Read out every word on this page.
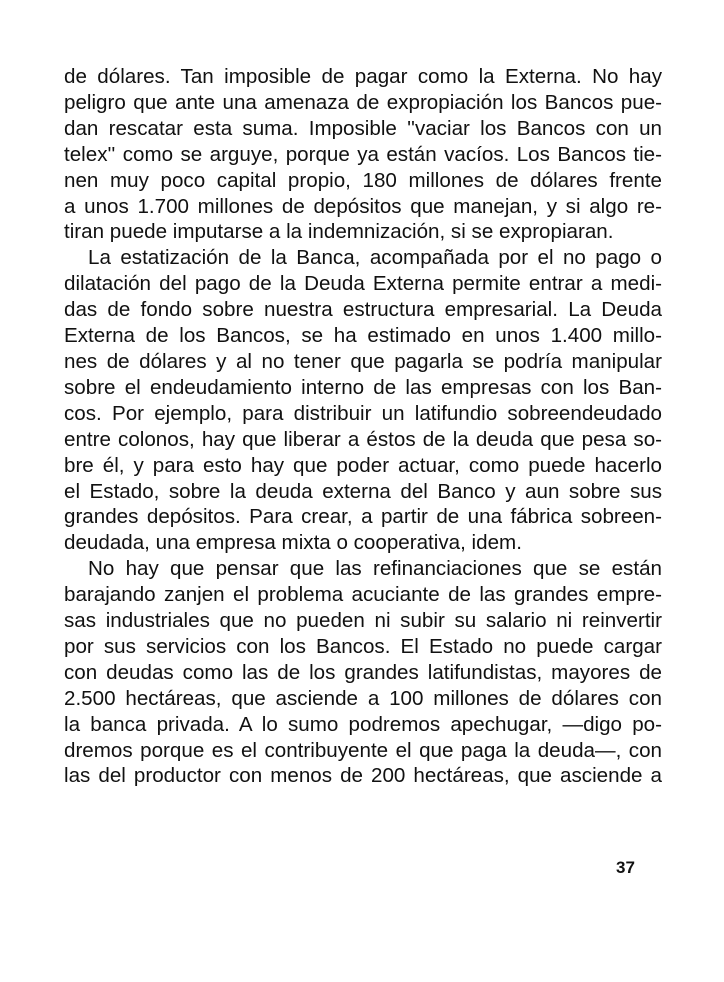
de dólares. Tan imposible de pagar como la Externa. No hay
peligro que ante una amenaza de expropiación los Bancos pue-
dan rescatar esta suma. Imposible ''vaciar los Bancos con un
telex'' como se arguye, porque ya están vacíos. Los Bancos tie-
nen muy poco capital propio, 180 millones de dólares frente
a unos 1.700 millones de depósitos que manejan, y si algo re-
tiran puede imputarse a la indemnización, si se expropiaran.
La estatización de la Banca, acompañada por el no pago o
dilatación del pago de la Deuda Externa permite entrar a medi-
das de fondo sobre nuestra estructura empresarial. La Deuda
Externa de los Bancos, se ha estimado en unos 1.400 millo-
nes de dólares y al no tener que pagarla se podría manipular
sobre el endeudamiento interno de las empresas con los Ban-
cos. Por ejemplo, para distribuir un latifundio sobreendeudado
entre colonos, hay que liberar a éstos de la deuda que pesa so-
bre él, y para esto hay que poder actuar, como puede hacerlo
el Estado, sobre la deuda externa del Banco y aun sobre sus
grandes depósitos. Para crear, a partir de una fábrica sobreen-
deudada, una empresa mixta o cooperativa, idem.
No hay que pensar que las refinanciaciones que se están
barajando zanjen el problema acuciante de las grandes empre-
sas industriales que no pueden ni subir su salario ni reinvertir
por sus servicios con los Bancos. El Estado no puede cargar
con deudas como las de los grandes latifundistas, mayores de
2.500 hectáreas, que asciende a 100 millones de dólares con
la banca privada. A lo sumo podremos apechugar, —digo po-
dremos porque es el contribuyente el que paga la deuda—, con
las del productor con menos de 200 hectáreas, que asciende a
37
